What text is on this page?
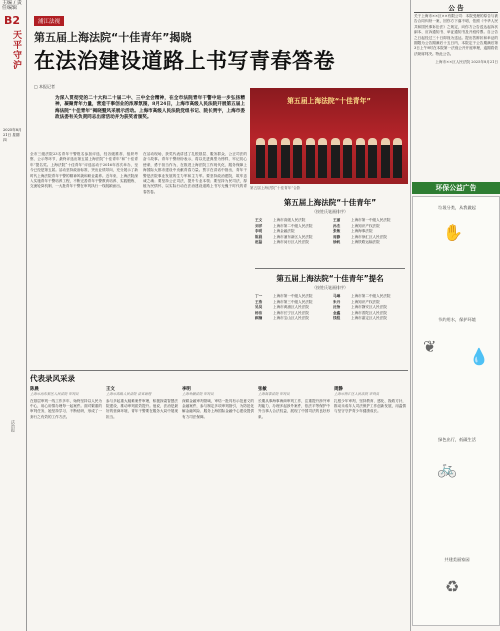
主编 / 责任编辑
B2
天平守沪
2025年8月21日 星期四
法治报
浦江法视
第五届上海法院“十佳青年”揭晓
在法治建设道路上书写青春答卷
□ 本报记者
为深入贯彻党的二十大和二十届二中、三中全会精神，在全市法院青年干警中进一步弘扬精神，凝聚青年力量，营造干事创业的浓厚氛围，8月24日，上海市高级人民法院开展第五届上海法院“十佳青年”揭晓暨风采展示活动。上海市高级人民法院党组书记、院长贾宇，上海市委政法委有关负责同志出席活动并为获奖者颁奖。
第五届上海法院“十佳青年”
第五届上海法院“十佳青年”合影
全市三级法院23名青年干警报名参加评选，经各级推荐、组织考察、公示等环节，最终评选出第五届上海法院“十佳青年”和“十佳青年”提名奖。上海法院“十佳青年”评选活动于2016年首次举办，至今已经是第五届。活动坚持政治标准，突出业绩导向，充分展示了新时代上海法院青年干警的精神风貌和职业素养。近年来，上海法院深入实施青年干警培养工程，不断完善青年干警教育培养、实践锻炼、交流轮岗机制，一大批青年干警在审判执行一线脱颖而出。
在活动现场，获奖代表讲述了扎根基层、服务群众、公正司法的奋斗故事。青年干警纷纷表示，将以先进典型为榜样，牢记初心使命，勇于担当作为，在推进上海法院工作现代化、服务保障上海国际大都市建设中贡献青春力量。贾宇在讲话中指出，青年干警是法院事业发展的生力军和主力军。要坚持政治建院，筑牢忠诚之魂；要坚持公正司法，提升专业本领；要坚持为民司法，厚植为民情怀，以实际行动在法治建设道路上书写无愧于时代的青春答卷。
第五届上海法院“十佳青年”
（按姓氏笔画排序）
王文	上海市高级人民法院	王丽	上海市第一中级人民法院
刘洋	上海市第二中级人民法院	孙杰	上海知识产权法院
李明	上海金融法院	张敏	上海海事法院
陈晨	上海市浦东新区人民法院	周静	上海市徐汇区人民法院
赵磊	上海市闵行区人民法院	徐帆	上海铁路运输法院
第五届上海法院“十佳青年”提名
（按姓氏笔画排序）
丁一	上海市第一中级人民法院	马琳	上海市第二中级人民法院
王浩	上海市第三中级人民法院	朱丹	上海知识产权法院
吴昊	上海市黄浦区人民法院	沈怡	上海市静安区人民法院
杨洁	上海市长宁区人民法院	金鑫	上海市普陀区人民法院
顾楠	上海市宝山区人民法院	钱程	上海市嘉定区人民法院
代表录风采录
陈晨
上海市浦东新区人民法院 审判员
在基层审判一线工作多年，始终坚持以人民为中心，用心用情办理每一起案件。面对繁重的审判任务，她坚持学习、不断钻研，形成了一套行之有效的工作方法。
王文
上海市高级人民法院 法官助理
参与多起重大疑难案件审理，积极探索智慧法院建设，推动审判质效提升。他说，法治是最好的营商环境，青年干警要在服务大局中展现担当。
李明
上海金融法院 审判员
深耕金融审判领域，审结一批具有示范意义的金融案件，参与制定多项审判指引，为防范化解金融风险、服务上海国际金融中心建设提供有力司法保障。
张敏
上海海事法院 审判员
长期从事海事海商审判工作，注重提升涉外审判能力，办理多起涉外案件，依法平等保护中外当事人合法权益，展现了中国司法的良好形象。
周静
上海市徐汇区人民法院 审判员
扎根少年审判，坚持教育、感化、挽救方针，推动未成年人司法保护工作创新发展，用温情与坚守守护青少年健康成长。
公 告
关于上海市××区××有限公司：本院受理的原告与被告合同纠纷一案，因你方下落不明，依照《中华人民共和国民事诉讼法》之规定，向你方公告送达起诉状副本、应诉通知书、举证通知书及开庭传票。自公告之日起经过三十日即视为送达。提出答辩状和举证的期限为公告期满后十五日内，本院定于公告期满后第3日上午9时在本院第一法庭公开开庭审理，逾期将依法缺席判决。特此公告。
上海市××区人民法院 2025年8月21日
环保公益广告
垃圾分类，从我做起
✋
节约用水，保护环境
❦
💧
绿色出行，低碳生活
🚲
共建美丽家园
♻
